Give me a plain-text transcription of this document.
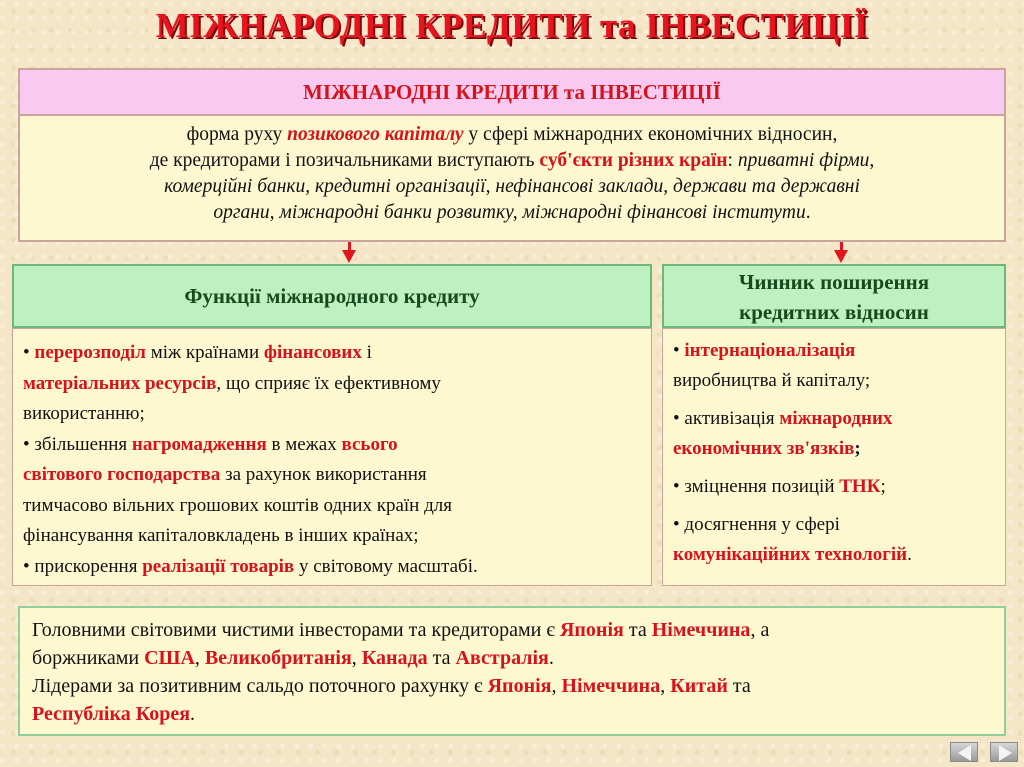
МІЖНАРОДНІ КРЕДИТИ та ІНВЕСТИЦІЇ
МІЖНАРОДНІ КРЕДИТИ та ІНВЕСТИЦІЇ
форма руху позикового капіталу у сфері міжнародних економічних відносин,
де кредиторами і позичальниками виступають суб'єкти різних країн: приватні фірми,
комерційні банки, кредитні організації, нефінансові заклади, держави та державні
органи, міжнародні банки розвитку, міжнародні фінансові інститути.
Функції міжнародного кредиту
• перерозподіл між країнами фінансових і
матеріальних ресурсів, що сприяє їх ефективному
використанню;
• збільшення нагромадження в межах всього
світового господарства за рахунок використання
тимчасово вільних грошових коштів одних країн для
фінансування капіталовкладень в інших країнах;
• прискорення реалізації товарів у світовому масштабі.
Чинник поширення
кредитних відносин
• інтернаціоналізація
виробництва й капіталу;
• активізація міжнародних
економічних зв'язків;
• зміцнення позицій ТНК;
• досягнення у сфері
комунікаційних технологій.
Головними світовими чистими інвесторами та кредиторами є Японія та Німеччина, а
боржниками США, Великобританія, Канада та Австралія.
Лідерами за позитивним сальдо поточного рахунку є Японія, Німеччина, Китай та
Республіка Корея.
